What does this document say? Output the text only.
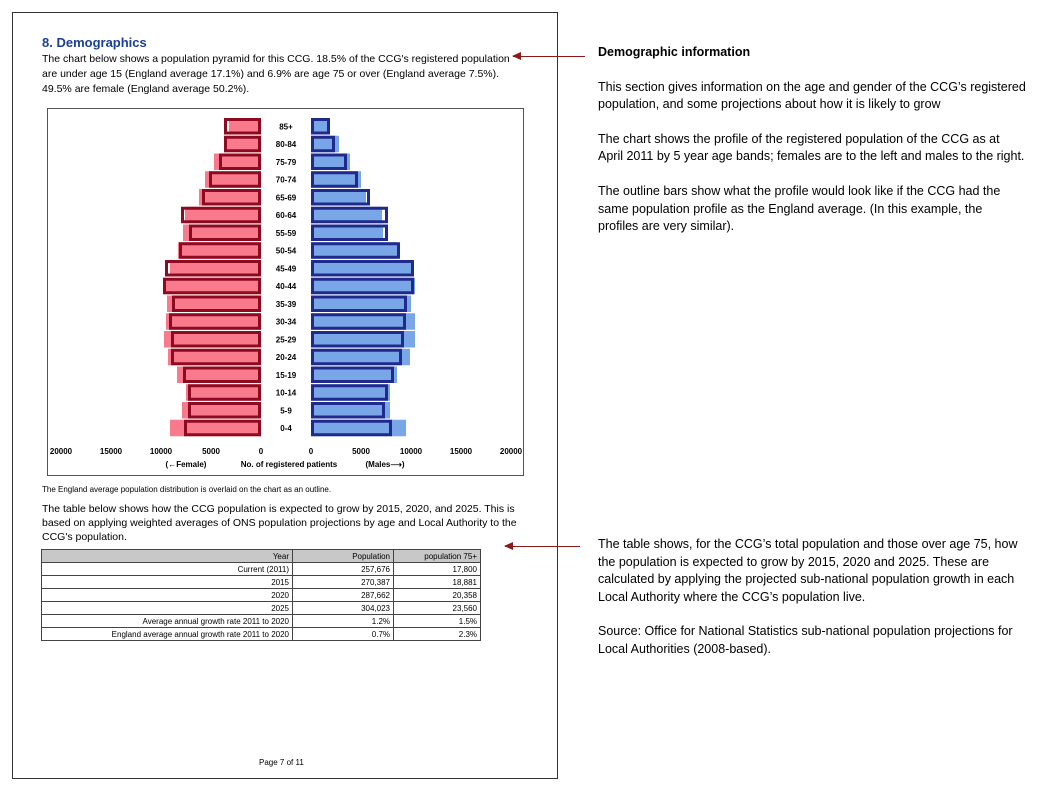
8. Demographics
The chart below shows a population pyramid for this CCG. 18.5% of the CCG's registered population are under age 15 (England average 17.1%) and 6.9% are age 75 or over (England average 7.5%). 49.5% are female (England average 50.2%).
85+
80-84
75-79
70-74
65-69
60-64
55-59
50-54
45-49
40-44
35-39
30-34
25-29
20-24
15-19
10-14
5-9
0-4
20000	15000	10000	5000	0	0	5000	10000	15000	20000
(←Female)	No. of registered patients	(Males⟶)
The England average population distribution is overlaid on the chart as an outline.
The table below shows how the CCG population is expected to grow by 2015, 2020, and 2025. This is based on applying weighted averages of ONS population projections by age and Local Authority to the CCG's population.
Year	Population	population 75+
Current (2011)	257,676	17,800
2015	270,387	18,881
2020	287,662	20,358
2025	304,023	23,560
Average annual growth rate 2011 to 2020	1.2%	1.5%
England average annual growth rate 2011 to 2020	0.7%	2.3%
Page 7 of 11

Demographic information

This section gives information on the age and gender of the CCG’s registered population, and some projections about how it is likely to grow

The chart shows the profile of the registered population of the CCG as at April 2011 by 5 year age bands; females are to the left and males to the right.

The outline bars show what the profile would look like if the CCG had the same population profile as the England average. (In this example, the profiles are very similar).

The table shows, for the CCG’s total population and those over age 75, how the population is expected to grow by 2015, 2020 and 2025. These are calculated by applying the projected sub-national population growth in each Local Authority where the CCG’s population live.

Source: Office for National Statistics sub-national population projections for Local Authorities (2008-based).
